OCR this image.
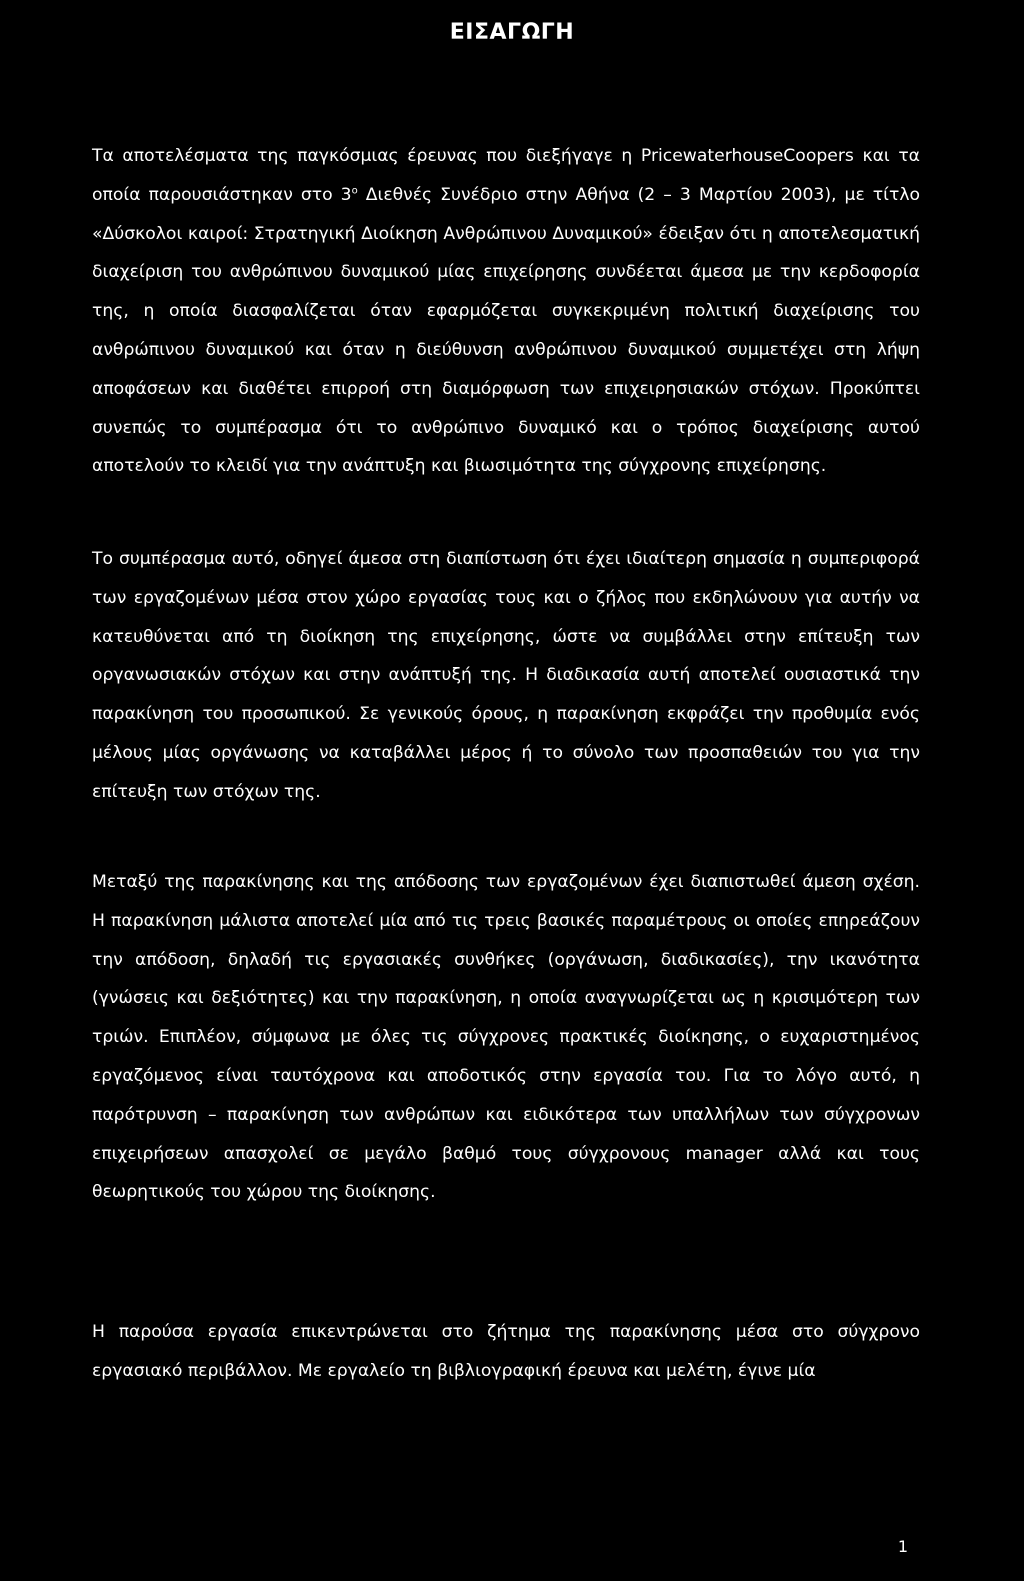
ΕΙΣΑΓΩΓΗ

Τα αποτελέσματα της παγκόσμιας έρευνας που διεξήγαγε η PricewaterhouseCoopers και τα οποία παρουσιάστηκαν στο $3^o$ Διεθνές Συνέδριο στην Αθήνα (2 – 3 Μαρτίου 2003), με τίτλο «Δύσκολοι καιροί: Στρατηγική Διοίκηση Ανθρώπινου Δυναμικού» έδειξαν ότι η αποτελεσματική διαχείριση του ανθρώπινου δυναμικού μίας επιχείρησης συνδέεται άμεσα με την κερδοφορία της, η οποία διασφαλίζεται όταν εφαρμόζεται συγκεκριμένη πολιτική διαχείρισης του ανθρώπινου δυναμικού και όταν η διεύθυνση ανθρώπινου δυναμικού συμμετέχει στη λήψη αποφάσεων και διαθέτει επιρροή στη διαμόρφωση των επιχειρησιακών στόχων. Προκύπτει συνεπώς το συμπέρασμα ότι το ανθρώπινο δυναμικό και ο τρόπος διαχείρισης αυτού αποτελούν το κλειδί για την ανάπτυξη και βιωσιμότητα της σύγχρονης επιχείρησης.

Το συμπέρασμα αυτό, οδηγεί άμεσα στη διαπίστωση ότι έχει ιδιαίτερη σημασία η συμπεριφορά των εργαζομένων μέσα στον χώρο εργασίας τους και ο ζήλος που εκδηλώνουν για αυτήν να κατευθύνεται από τη διοίκηση της επιχείρησης, ώστε να συμβάλλει στην επίτευξη των οργανωσιακών στόχων και στην ανάπτυξή της. Η διαδικασία αυτή αποτελεί ουσιαστικά την παρακίνηση του προσωπικού. Σε γενικούς όρους, η παρακίνηση εκφράζει την προθυμία ενός μέλους μίας οργάνωσης να καταβάλλει μέρος ή το σύνολο των προσπαθειών του για την επίτευξη των στόχων της.

Μεταξύ της παρακίνησης και της απόδοσης των εργαζομένων έχει διαπιστωθεί άμεση σχέση. Η παρακίνηση μάλιστα αποτελεί μία από τις τρεις βασικές παραμέτρους οι οποίες επηρεάζουν την απόδοση, δηλαδή τις εργασιακές συνθήκες (οργάνωση, διαδικασίες), την ικανότητα (γνώσεις και δεξιότητες) και την παρακίνηση, η οποία αναγνωρίζεται ως η κρισιμότερη των τριών. Επιπλέον, σύμφωνα με όλες τις σύγχρονες πρακτικές διοίκησης, ο ευχαριστημένος εργαζόμενος είναι ταυτόχρονα και αποδοτικός στην εργασία του. Για το λόγο αυτό, η παρότρυνση – παρακίνηση των ανθρώπων και ειδικότερα των υπαλλήλων των σύγχρονων επιχειρήσεων απασχολεί σε μεγάλο βαθμό τους σύγχρονους manager αλλά και τους θεωρητικούς του χώρου της διοίκησης.

Η παρούσα εργασία επικεντρώνεται στο ζήτημα της παρακίνησης μέσα στο σύγχρονο εργασιακό περιβάλλον. Με εργαλείο τη βιβλιογραφική έρευνα και μελέτη, έγινε μία

1
